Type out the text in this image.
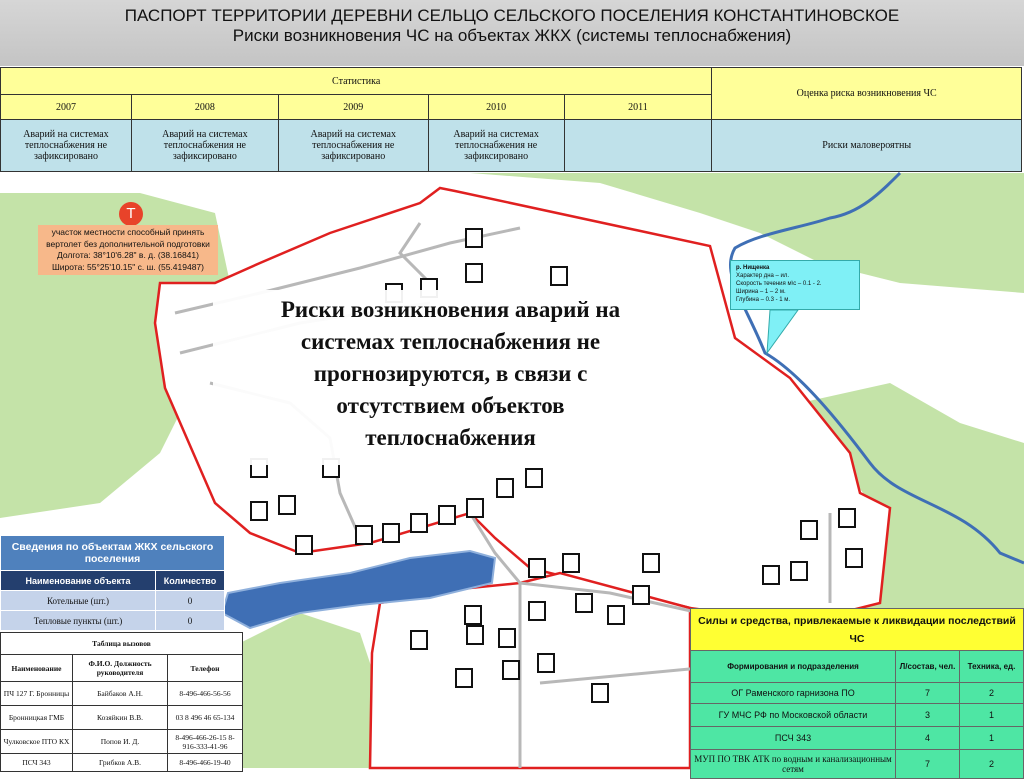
ПАСПОРТ ТЕРРИТОРИИ ДЕРЕВНИ СЕЛЬЦО СЕЛЬСКОГО ПОСЕЛЕНИЯ КОНСТАНТИНОВСКОЕ
Риски возникновения ЧС на объектах ЖКХ (системы теплоснабжения)
Статистика					Оценка риска возникновения ЧС
2007	2008	2009	2010	2011	
Аварий на системах теплоснабжения не зафиксировано	Аварий на системах теплоснабжения не зафиксировано	Аварий на системах теплоснабжения не зафиксировано	Аварий на системах теплоснабжения не зафиксировано		Риски маловероятны
Т
участок местности способный принять
вертолет без дополнительной подготовки
Долгота: 38°10'6.28" в. д. (38.16841)
Широта: 55°25'10.15" с. ш. (55.419487)	р. Нищенка
Характер дна – ил.
Скорость течения м\с – 0.1 - 2.
Ширина – 1 – 2 м.
Глубина – 0.3 - 1 м.
Риски возникновения аварий на системах теплоснабжения не прогнозируются, в связи с отсутствием объектов теплоснабжения
Сведения по объектам ЖКХ сельского поселения	
Наименование объекта	Количество
Котельные (шт.)	0
Тепловые пункты (шт.)	0
Таблица вызовов		
Наименование	Ф.И.О. Должность руководителя	Телефон
ПЧ 127 Г. Бронницы	Байбаков А.Н.	8-496-466-56-56
Бронницкая ГМБ	Козяйкин В.В.	03 8 496 46 65-134
Чулковское ПТО КХ	Попов И. Д.	8-496-466-26-15 8-916-333-41-96
ПСЧ 343	Грибков А.В.	8-496-466-19-40
Силы и средства, привлекаемые к ликвидации последствий ЧС		
Формирования и подразделения	Л/состав, чел.	Техника, ед.
ОГ Раменского гарнизона ПО	7	2
ГУ МЧС РФ по Московской области	3	1
ПСЧ 343	4	1
МУП ПО ТВК АТК по водным и канализационным сетям	7	2
